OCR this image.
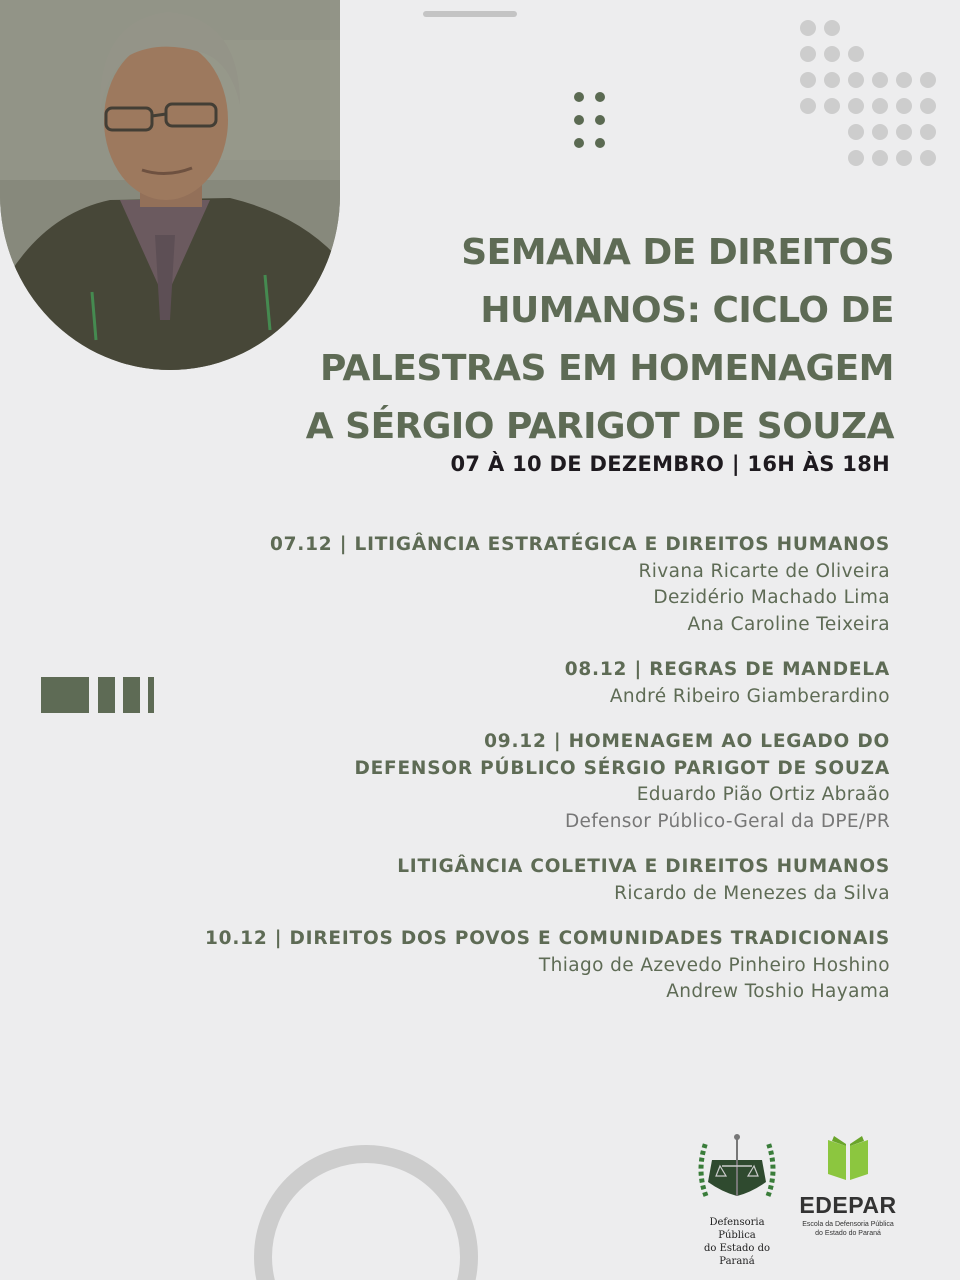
SEMANA DE DIREITOS
HUMANOS: CICLO DE
PALESTRAS EM HOMENAGEM
A SÉRGIO PARIGOT DE SOUZA
07 À 10 DE DEZEMBRO | 16H ÀS 18H
07.12 | LITIGÂNCIA ESTRATÉGICA E DIREITOS HUMANOS
Rivana Ricarte de Oliveira
Dezidério Machado Lima
Ana Caroline Teixeira
08.12 | REGRAS DE MANDELA
André Ribeiro Giamberardino
09.12 | HOMENAGEM AO LEGADO DO
DEFENSOR PÚBLICO SÉRGIO PARIGOT DE SOUZA
Eduardo Pião Ortiz Abraão
Defensor Público-Geral da DPE/PR
LITIGÂNCIA COLETIVA E DIREITOS HUMANOS
Ricardo de Menezes da Silva
10.12 | DIREITOS DOS POVOS E COMUNIDADES TRADICIONAIS
Thiago de Azevedo Pinheiro Hoshino
Andrew Toshio Hayama
Defensoria Pública
do Estado do Paraná
EDEPAR
Escola da Defensoria Pública
do Estado do Paraná
